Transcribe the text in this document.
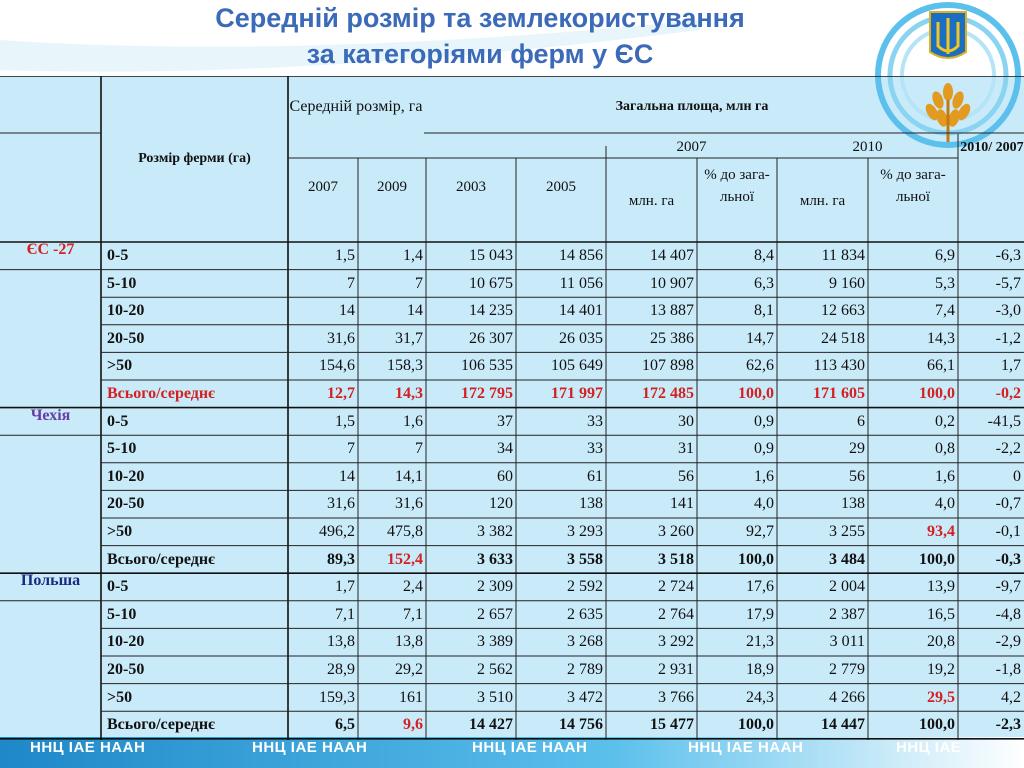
Середній розмір та землекористування
за категоріями ферм у ЄС
Розмір ферми (га)
Середній розмір, га	Загальна площа, млн га
2007	2009	2003	2005
2007	2010
млн. га
% до зага-льної	млн. га
% до зага-льної
2010/ 2007
ЄС -27
Чехія
Польша
0-5	1,5	1,4	15 043	14 856	14 407	8,4	11 834	6,9	-6,3
5-10	7	7	10 675	11 056	10 907	6,3	9 160	5,3	-5,7
10-20	14	14	14 235	14 401	13 887	8,1	12 663	7,4	-3,0
20-50	31,6	31,7	26 307	26 035	25 386	14,7	24 518	14,3	-1,2
>50	154,6	158,3	106 535	105 649	107 898	62,6	113 430	66,1	1,7
Всього/середнє	12,7	14,3	172 795	171 997	172 485	100,0	171 605	100,0	-0,2
0-5	1,5	1,6	37	33	30	0,9	6	0,2	-41,5
5-10	7	7	34	33	31	0,9	29	0,8	-2,2
10-20	14	14,1	60	61	56	1,6	56	1,6	0
20-50	31,6	31,6	120	138	141	4,0	138	4,0	-0,7
>50	496,2	475,8	3 382	3 293	3 260	92,7	3 255	93,4	-0,1
Всього/середнє	89,3	152,4	3 633	3 558	3 518	100,0	3 484	100,0	-0,3
0-5	1,7	2,4	2 309	2 592	2 724	17,6	2 004	13,9	-9,7
5-10	7,1	7,1	2 657	2 635	2 764	17,9	2 387	16,5	-4,8
10-20	13,8	13,8	3 389	3 268	3 292	21,3	3 011	20,8	-2,9
20-50	28,9	29,2	2 562	2 789	2 931	18,9	2 779	19,2	-1,8
>50	159,3	161	3 510	3 472	3 766	24,3	4 266	29,5	4,2
Всього/середнє	6,5	9,6	14 427	14 756	15 477	100,0	14 447	100,0	-2,3
ННЦ ІАЕ НААН	ННЦ ІАЕ НААН	ННЦ ІАЕ НААН	ННЦ ІАЕ НААН	ННЦ ІАЕ
